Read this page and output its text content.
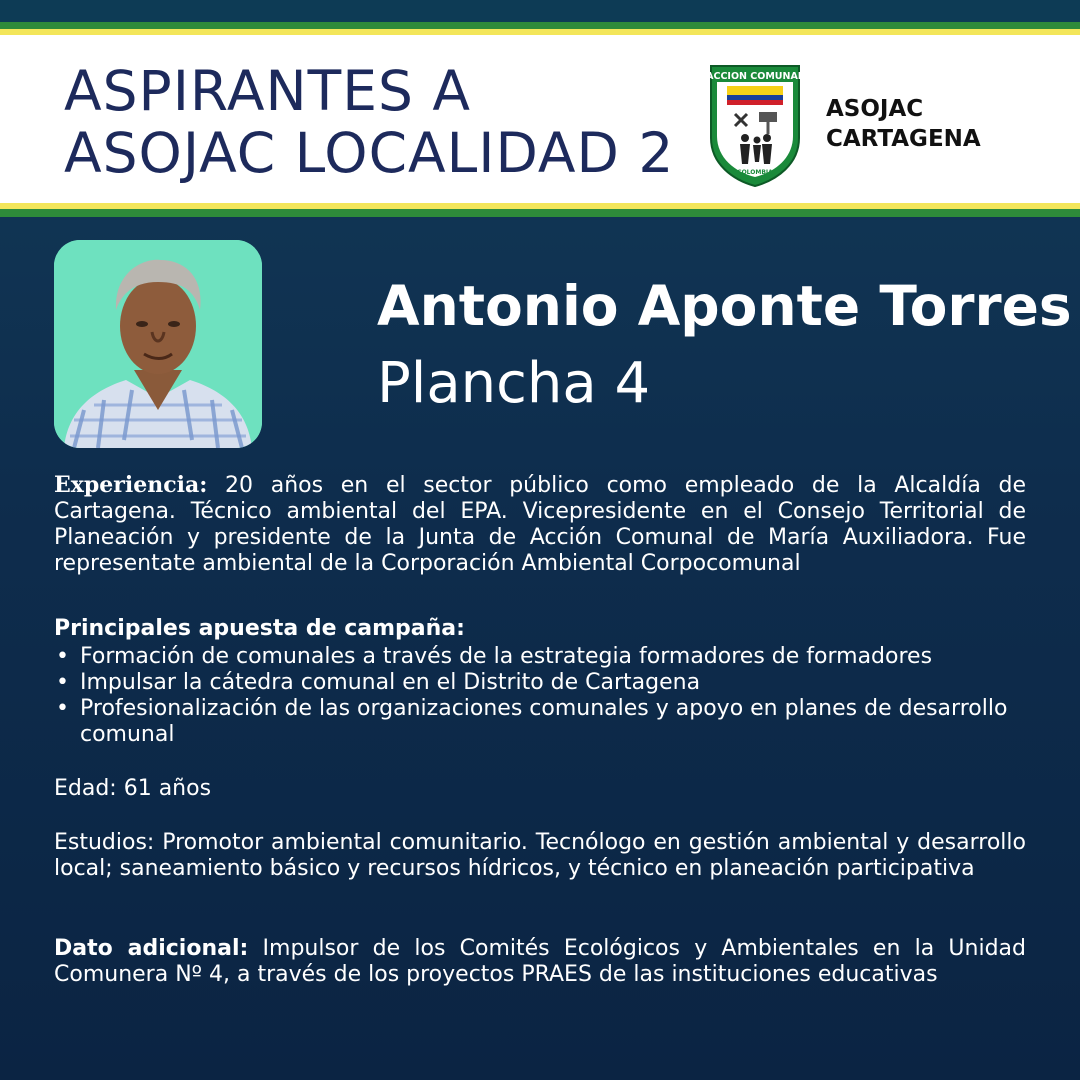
ASPIRANTES A
ASOJAC LOCALIDAD 2
ACCION COMUNAL
COLOMBIA

ASOJAC
CARTAGENA

Antonio Aponte Torres

Plancha 4

Experiencia: 20 años en el sector público como empleado de la Alcaldía de Cartagena. Técnico ambiental del EPA. Vicepresidente en el Consejo Territorial de Planeación y presidente de la Junta de Acción Comunal de María Auxiliadora. Fue representate ambiental de la Corporación Ambiental Corpocomunal

Principales apuesta de campaña:

• Formación de comunales a través de la estrategia formadores de formadores
• Impulsar la cátedra comunal en el Distrito de Cartagena
• Profesionalización de las organizaciones comunales y apoyo en planes de desarrollo comunal

Edad: 61 años

Estudios: Promotor ambiental comunitario. Tecnólogo en gestión ambiental y desarrollo local; saneamiento básico y recursos hídricos, y técnico en planeación participativa

Dato adicional: Impulsor de los Comités Ecológicos y Ambientales en la Unidad Comunera Nº 4, a través de los proyectos PRAES de las instituciones educativas
